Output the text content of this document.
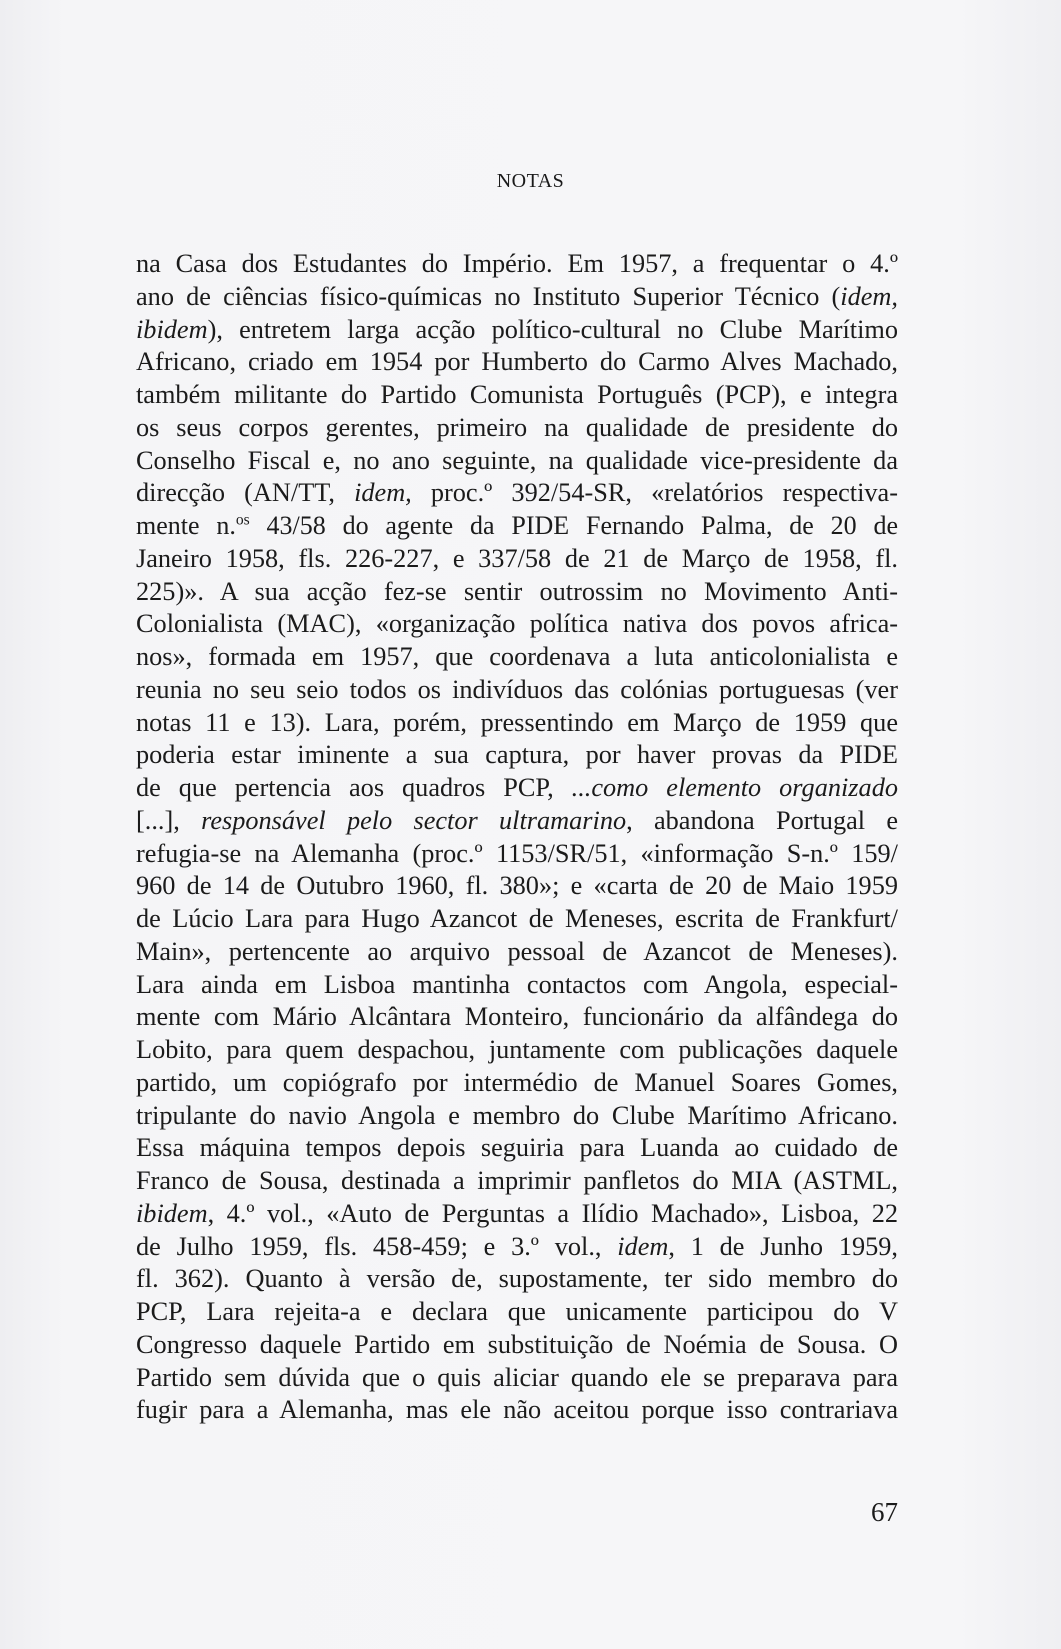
NOTAS
na Casa dos Estudantes do Império. Em 1957, a frequentar o 4.º
ano de ciências físico-químicas no Instituto Superior Técnico (idem,
ibidem), entretem larga acção político-cultural no Clube Marítimo
Africano, criado em 1954 por Humberto do Carmo Alves Machado,
também militante do Partido Comunista Português (PCP), e integra
os seus corpos gerentes, primeiro na qualidade de presidente do
Conselho Fiscal e, no ano seguinte, na qualidade vice-presidente da
direcção (AN/TT, idem, proc.º 392/54-SR, «relatórios respectiva-
mente n.$^{os}$ 43/58 do agente da PIDE Fernando Palma, de 20 de
Janeiro 1958, fls. 226-227, e 337/58 de 21 de Março de 1958, fl.
225)». A sua acção fez-se sentir outrossim no Movimento Anti-
Colonialista (MAC), «organização política nativa dos povos africa-
nos», formada em 1957, que coordenava a luta anticolonialista e
reunia no seu seio todos os indivíduos das colónias portuguesas (ver
notas 11 e 13). Lara, porém, pressentindo em Março de 1959 que
poderia estar iminente a sua captura, por haver provas da PIDE
de que pertencia aos quadros PCP, ...como elemento organizado
[...], responsável pelo sector ultramarino, abandona Portugal e
refugia-se na Alemanha (proc.º 1153/SR/51, «informação S-n.º 159/
960 de 14 de Outubro 1960, fl. 380»; e «carta de 20 de Maio 1959
de Lúcio Lara para Hugo Azancot de Meneses, escrita de Frankfurt/
Main», pertencente ao arquivo pessoal de Azancot de Meneses).
Lara ainda em Lisboa mantinha contactos com Angola, especial-
mente com Mário Alcântara Monteiro, funcionário da alfândega do
Lobito, para quem despachou, juntamente com publicações daquele
partido, um copiógrafo por intermédio de Manuel Soares Gomes,
tripulante do navio Angola e membro do Clube Marítimo Africano.
Essa máquina tempos depois seguiria para Luanda ao cuidado de
Franco de Sousa, destinada a imprimir panfletos do MIA (ASTML,
ibidem, 4.º vol., «Auto de Perguntas a Ilídio Machado», Lisboa, 22
de Julho 1959, fls. 458-459; e 3.º vol., idem, 1 de Junho 1959,
fl. 362). Quanto à versão de, supostamente, ter sido membro do
PCP, Lara rejeita-a e declara que unicamente participou do V
Congresso daquele Partido em substituição de Noémia de Sousa. O
Partido sem dúvida que o quis aliciar quando ele se preparava para
fugir para a Alemanha, mas ele não aceitou porque isso contrariava
67
